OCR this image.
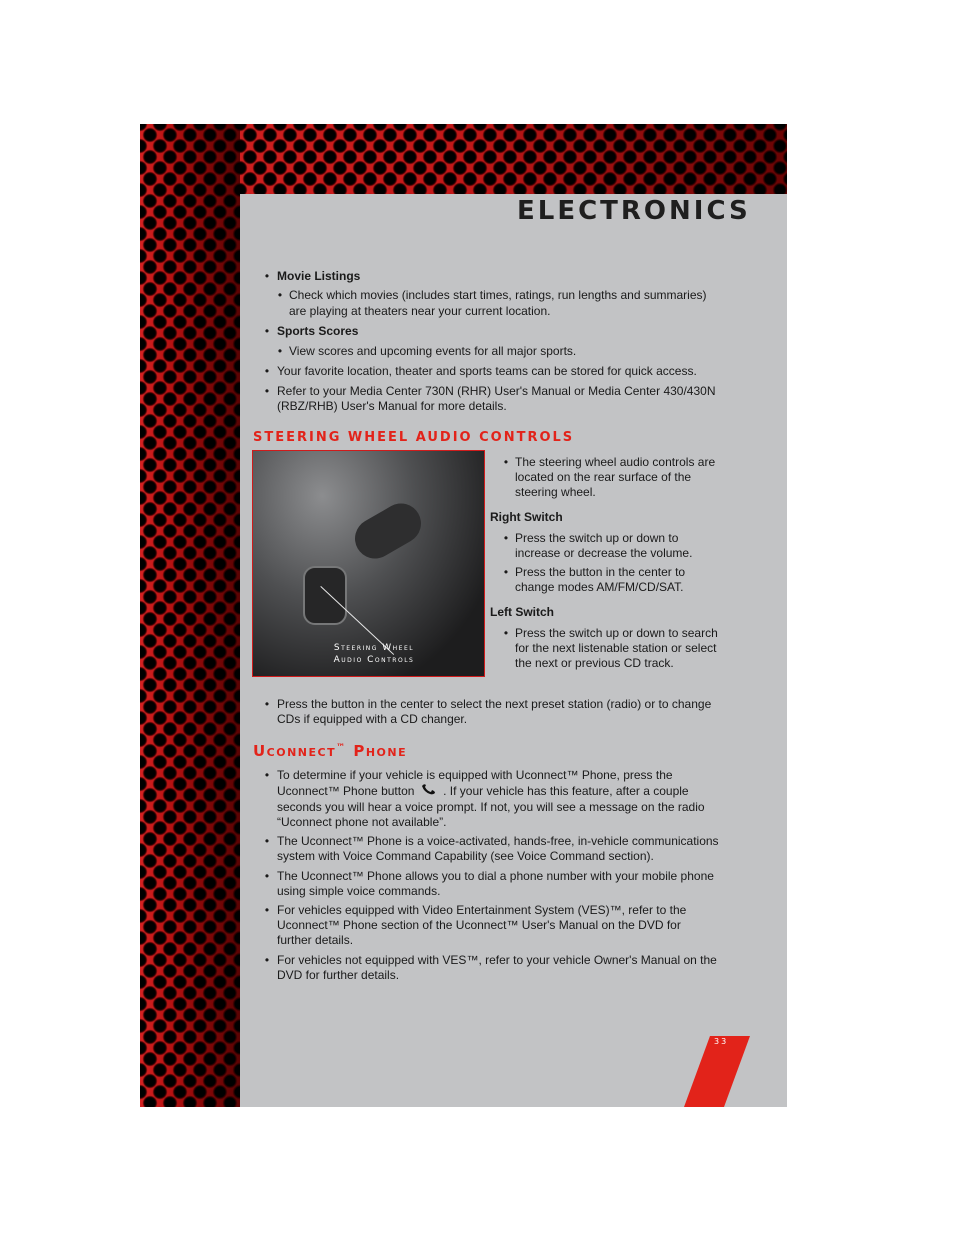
ELECTRONICS
• Movie Listings
• Check which movies (includes start times, ratings, run lengths and summaries)
are playing at theaters near your current location.
• Sports Scores
• View scores and upcoming events for all major sports.
• Your favorite location, theater and sports teams can be stored for quick access.
• Refer to your Media Center 730N (RHR) User's Manual or Media Center 430/430N
(RBZ/RHB) User's Manual for more details.
STEERING WHEEL AUDIO CONTROLS
Steering Wheel
Audio Controls
• The steering wheel audio controls are
located on the rear surface of the
steering wheel.
Right Switch
• Press the switch up or down to
increase or decrease the volume.
• Press the button in the center to
change modes AM/FM/CD/SAT.
Left Switch
• Press the switch up or down to search
for the next listenable station or select
the next or previous CD track.
• Press the button in the center to select the next preset station (radio) or to change
CDs if equipped with a CD changer.
Uconnect™ Phone
• To determine if your vehicle is equipped with Uconnect™ Phone, press the
Uconnect™ Phone button . If your vehicle has this feature, after a couple
seconds you will hear a voice prompt. If not, you will see a message on the radio
“Uconnect phone not available”.
• The Uconnect™ Phone is a voice-activated, hands-free, in-vehicle communications
system with Voice Command Capability (see Voice Command section).
• The Uconnect™ Phone allows you to dial a phone number with your mobile phone
using simple voice commands.
• For vehicles equipped with Video Entertainment System (VES)™, refer to the
Uconnect™ Phone section of the Uconnect™ User's Manual on the DVD for
further details.
• For vehicles not equipped with VES™, refer to your vehicle Owner's Manual on the
DVD for further details.
33
